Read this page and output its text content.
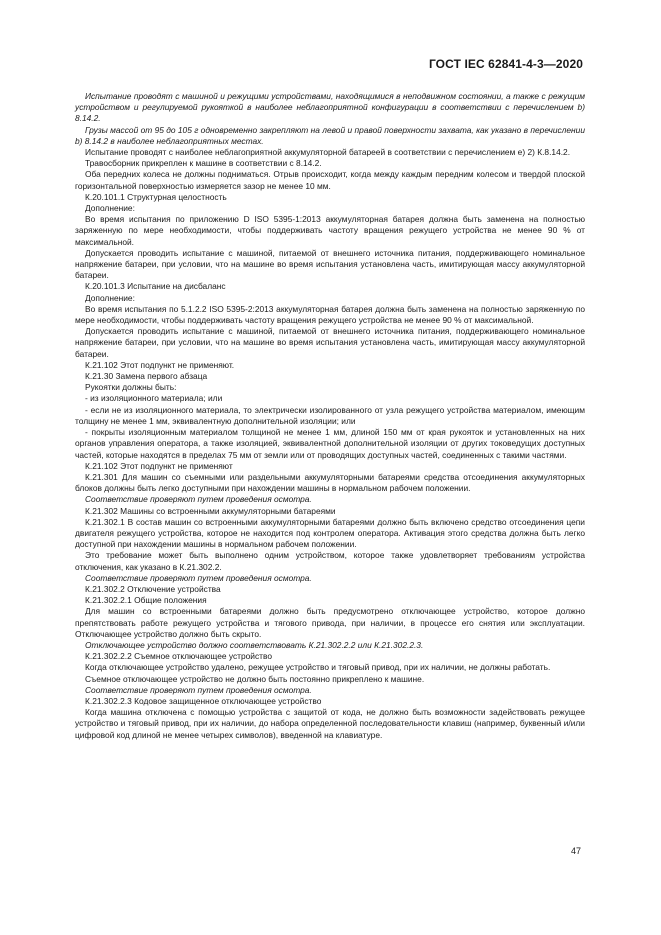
ГОСТ IEC 62841-4-3—2020

Испытание проводят с машиной и режущими устройствами, находящимися в неподвижном состоянии, а также с режущим устройством и регулируемой рукояткой в наиболее неблагоприятной конфигурации в соответствии с перечислением b) 8.14.2.

Грузы массой от 95 до 105 г одновременно закрепляют на левой и правой поверхности захвата, как указано в перечислении b) 8.14.2 в наиболее неблагоприятных местах.

Испытание проводят с наиболее неблагоприятной аккумуляторной батареей в соответствии с перечислением е) 2) К.8.14.2.

Травосборник прикреплен к машине в соответствии с 8.14.2.

Оба передних колеса не должны подниматься. Отрыв происходит, когда между каждым передним колесом и твердой плоской горизонтальной поверхностью измеряется зазор не менее 10 мм.

К.20.101.1 Структурная целостность

Дополнение:

Во время испытания по приложению D ISO 5395-1:2013 аккумуляторная батарея должна быть заменена на полностью заряженную по мере необходимости, чтобы поддерживать частоту вращения режущего устройства не менее 90 % от максимальной.

Допускается проводить испытание с машиной, питаемой от внешнего источника питания, поддерживающего номинальное напряжение батареи, при условии, что на машине во время испытания установлена часть, имитирующая массу аккумуляторной батареи.

К.20.101.3 Испытание на дисбаланс

Дополнение:

Во время испытания по 5.1.2.2 ISO 5395-2:2013 аккумуляторная батарея должна быть заменена на полностью заряженную по мере необходимости, чтобы поддерживать частоту вращения режущего устройства не менее 90 % от максимальной.

Допускается проводить испытание с машиной, питаемой от внешнего источника питания, поддерживающего номинальное напряжение батареи, при условии, что на машине во время испытания установлена часть, имитирующая массу аккумуляторной батареи.

К.21.102 Этот подпункт не применяют.

К.21.30 Замена первого абзаца

Рукоятки должны быть:

- из изоляционного материала; или

- если не из изоляционного материала, то электрически изолированного от узла режущего устройства материалом, имеющим толщину не менее 1 мм, эквивалентную дополнительной изоляции; или

- покрыты изоляционным материалом толщиной не менее 1 мм, длиной 150 мм от края рукояток и установленных на них органов управления оператора, а также изоляцией, эквивалентной дополнительной изоляции от других токоведущих доступных частей, которые находятся в пределах 75 мм от земли или от проводящих доступных частей, соединенных с такими частями.

К.21.102 Этот подпункт не применяют

К.21.301 Для машин со съемными или раздельными аккумуляторными батареями средства отсоединения аккумуляторных блоков должны быть легко доступными при нахождении машины в нормальном рабочем положении.

Соответствие проверяют путем проведения осмотра.

К.21.302 Машины со встроенными аккумуляторными батареями

К.21.302.1 В состав машин со встроенными аккумуляторными батареями должно быть включено средство отсоединения цепи двигателя режущего устройства, которое не находится под контролем оператора. Активация этого средства должна быть легко доступной при нахождении машины в нормальном рабочем положении.

Это требование может быть выполнено одним устройством, которое также удовлетворяет требованиям устройства отключения, как указано в К.21.302.2.

Соответствие проверяют путем проведения осмотра.

К.21.302.2 Отключение устройства

К.21.302.2.1 Общие положения

Для машин со встроенными батареями должно быть предусмотрено отключающее устройство, которое должно препятствовать работе режущего устройства и тягового привода, при наличии, в процессе его снятия или эксплуатации. Отключающее устройство должно быть скрыто.

Отключающее устройство должно соответствовать К.21.302.2.2 или К.21.302.2.3.

К.21.302.2.2 Съемное отключающее устройство

Когда отключающее устройство удалено, режущее устройство и тяговый привод, при их наличии, не должны работать.

Съемное отключающее устройство не должно быть постоянно прикреплено к машине.

Соответствие проверяют путем проведения осмотра.

К.21.302.2.3 Кодовое защищенное отключающее устройство

Когда машина отключена с помощью устройства с защитой от кода, не должно быть возможности задействовать режущее устройство и тяговый привод, при их наличии, до набора определенной последовательности клавиш (например, буквенный и/или цифровой код длиной не менее четырех символов), введенной на клавиатуре.

47
